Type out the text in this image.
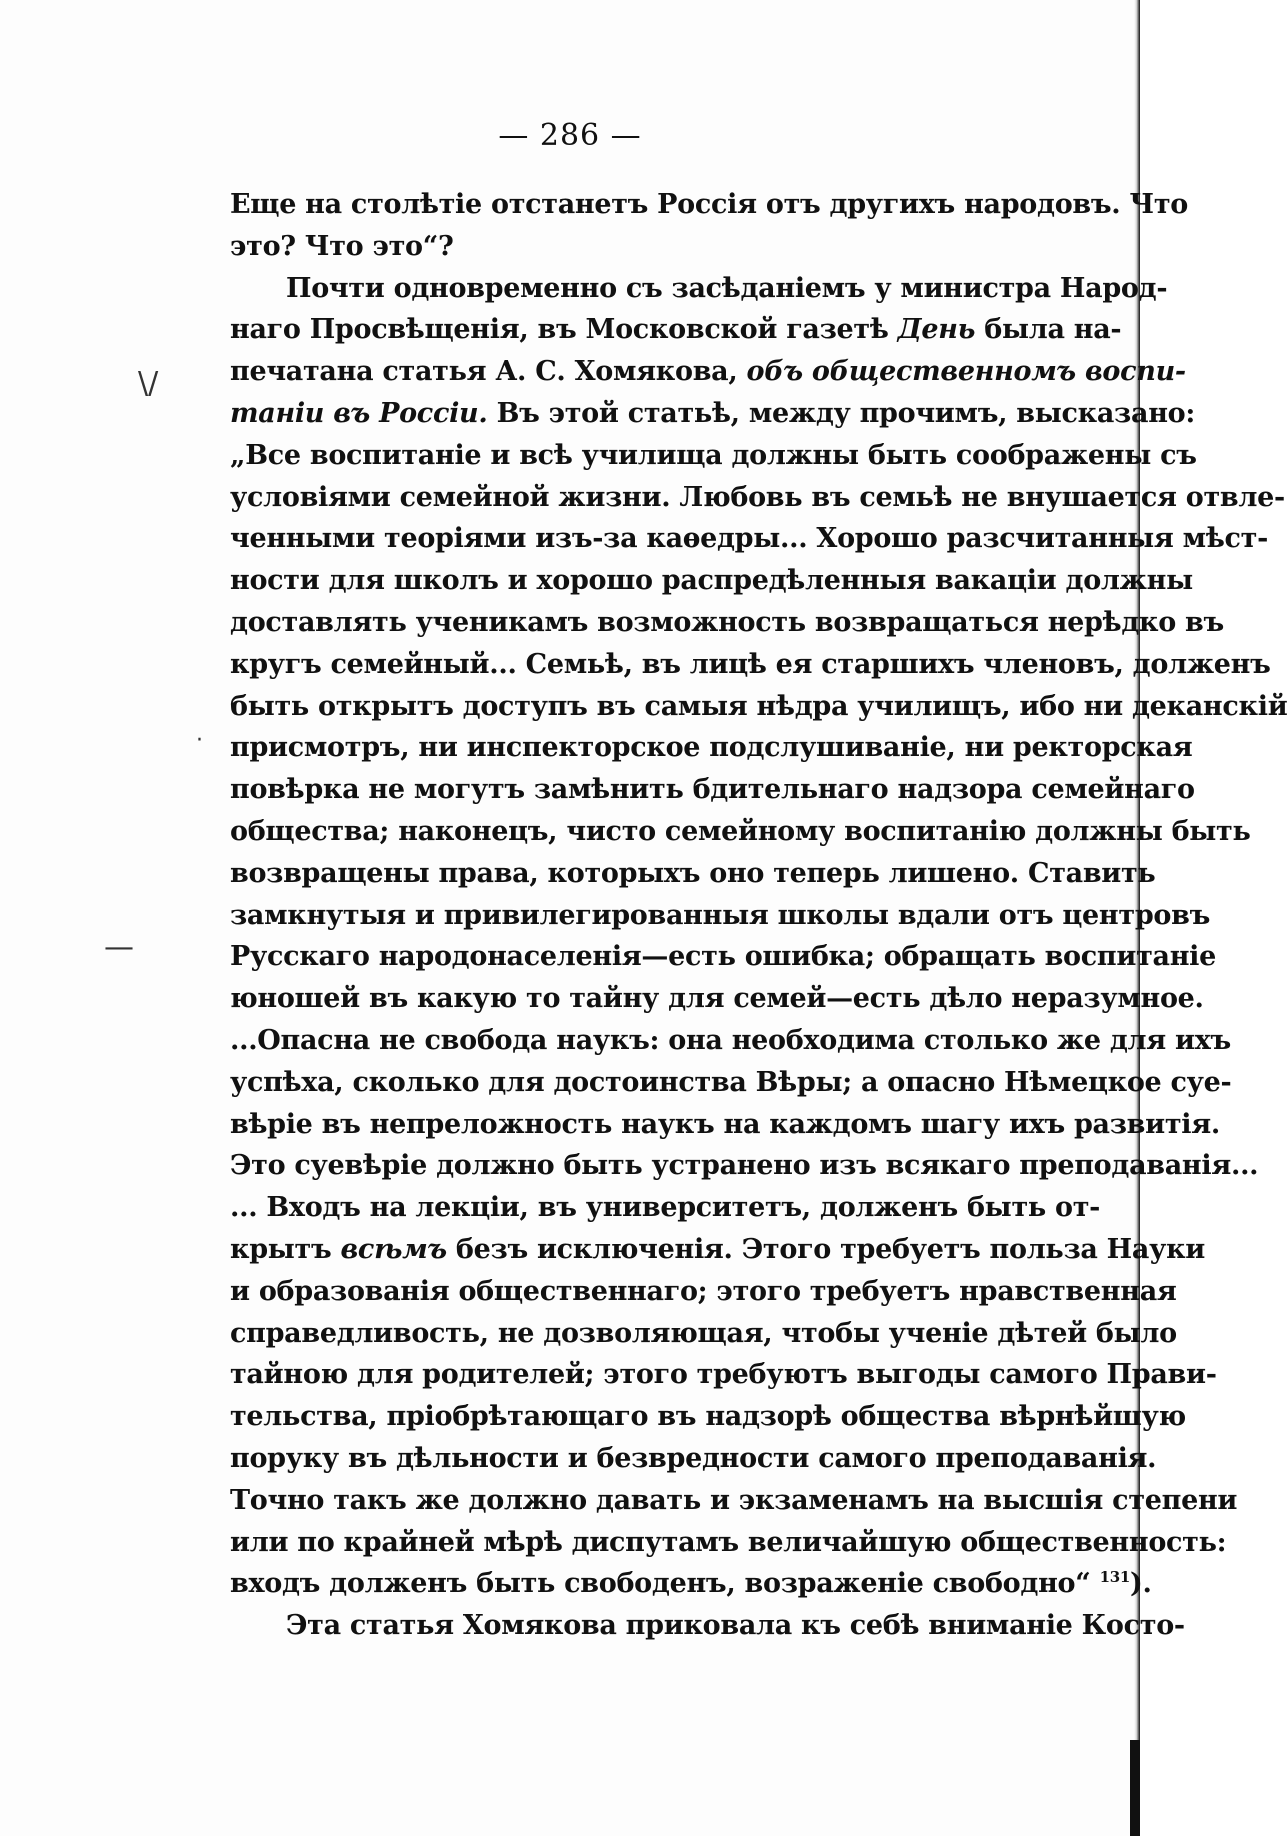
— 286 —
\/
—
·
Еще на столѣтіе отстанетъ Россія отъ другихъ народовъ. Что
это? Что это“?
Почти одновременно съ засѣданіемъ у министра Народ-
наго Просвѣщенія, въ Московской газетѣ День была на-
печатана статья А. С. Хомякова, объ общественномъ воспи-
таніи въ Россіи. Въ этой статьѣ, между прочимъ, высказано:
„Все воспитаніе и всѣ училища должны быть соображены съ
условіями семейной жизни. Любовь въ семьѣ не внушается отвле-
ченными теоріями изъ-за каѳедры... Хорошо разсчитанныя мѣст-
ности для школъ и хорошо распредѣленныя вакаціи должны
доставлять ученикамъ возможность возвращаться нерѣдко въ
кругъ семейный... Семьѣ, въ лицѣ ея старшихъ членовъ, долженъ
быть открытъ доступъ въ самыя нѣдра училищъ, ибо ни деканскій
присмотръ, ни инспекторское подслушиваніе, ни ректорская
повѣрка не могутъ замѣнить бдительнаго надзора семейнаго
общества; наконецъ, чисто семейному воспитанію должны быть
возвращены права, которыхъ оно теперь лишено. Ставить
замкнутыя и привилегированныя школы вдали отъ центровъ
Русскаго народонаселенія—есть ошибка; обращать воспитаніе
юношей въ какую то тайну для семей—есть дѣло неразумное.
...Опасна не свобода наукъ: она необходима столько же для ихъ
успѣха, сколько для достоинства Вѣры; а опасно Нѣмецкое суе-
вѣріе въ непреложность наукъ на каждомъ шагу ихъ развитія.
Это суевѣріе должно быть устранено изъ всякаго преподаванія...
... Входъ на лекціи, въ университетъ, долженъ быть от-
крытъ всѣмъ безъ исключенія. Этого требуетъ польза Науки
и образованія общественнаго; этого требуетъ нравственная
справедливость, не дозволяющая, чтобы ученіе дѣтей было
тайною для родителей; этого требуютъ выгоды самого Прави-
тельства, пріобрѣтающаго въ надзорѣ общества вѣрнѣйшую
поруку въ дѣльности и безвредности самого преподаванія.
Точно такъ же должно давать и экзаменамъ на высшія степени
или по крайней мѣрѣ диспутамъ величайшую общественность:
входъ долженъ быть свободенъ, возраженіе свободно“ $^{131}$).
Эта статья Хомякова приковала къ себѣ вниманіе Косто-
